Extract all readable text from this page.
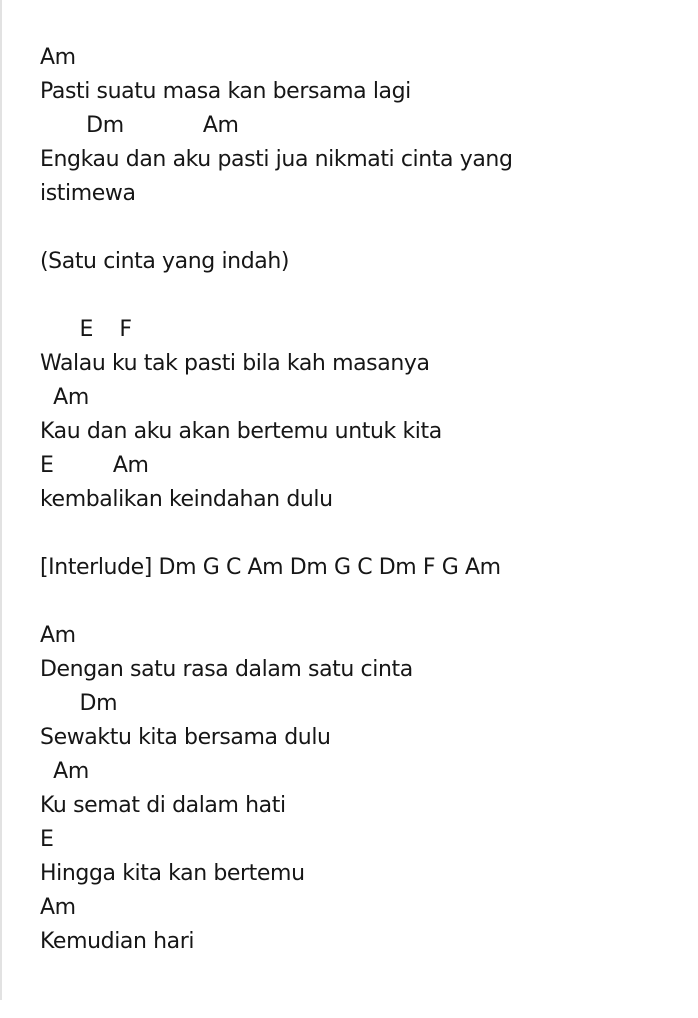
Am
Pasti suatu masa kan bersama lagi
Dm            Am
Engkau dan aku pasti jua nikmati cinta yang
istimewa
(Satu cinta yang indah)
E    F
Walau ku tak pasti bila kah masanya
Am
Kau dan aku akan bertemu untuk kita
E         Am
kembalikan keindahan dulu
[Interlude] Dm G C Am Dm G C Dm F G Am
Am
Dengan satu rasa dalam satu cinta
Dm
Sewaktu kita bersama dulu
Am
Ku semat di dalam hati
E
Hingga kita kan bertemu
Am
Kemudian hari
